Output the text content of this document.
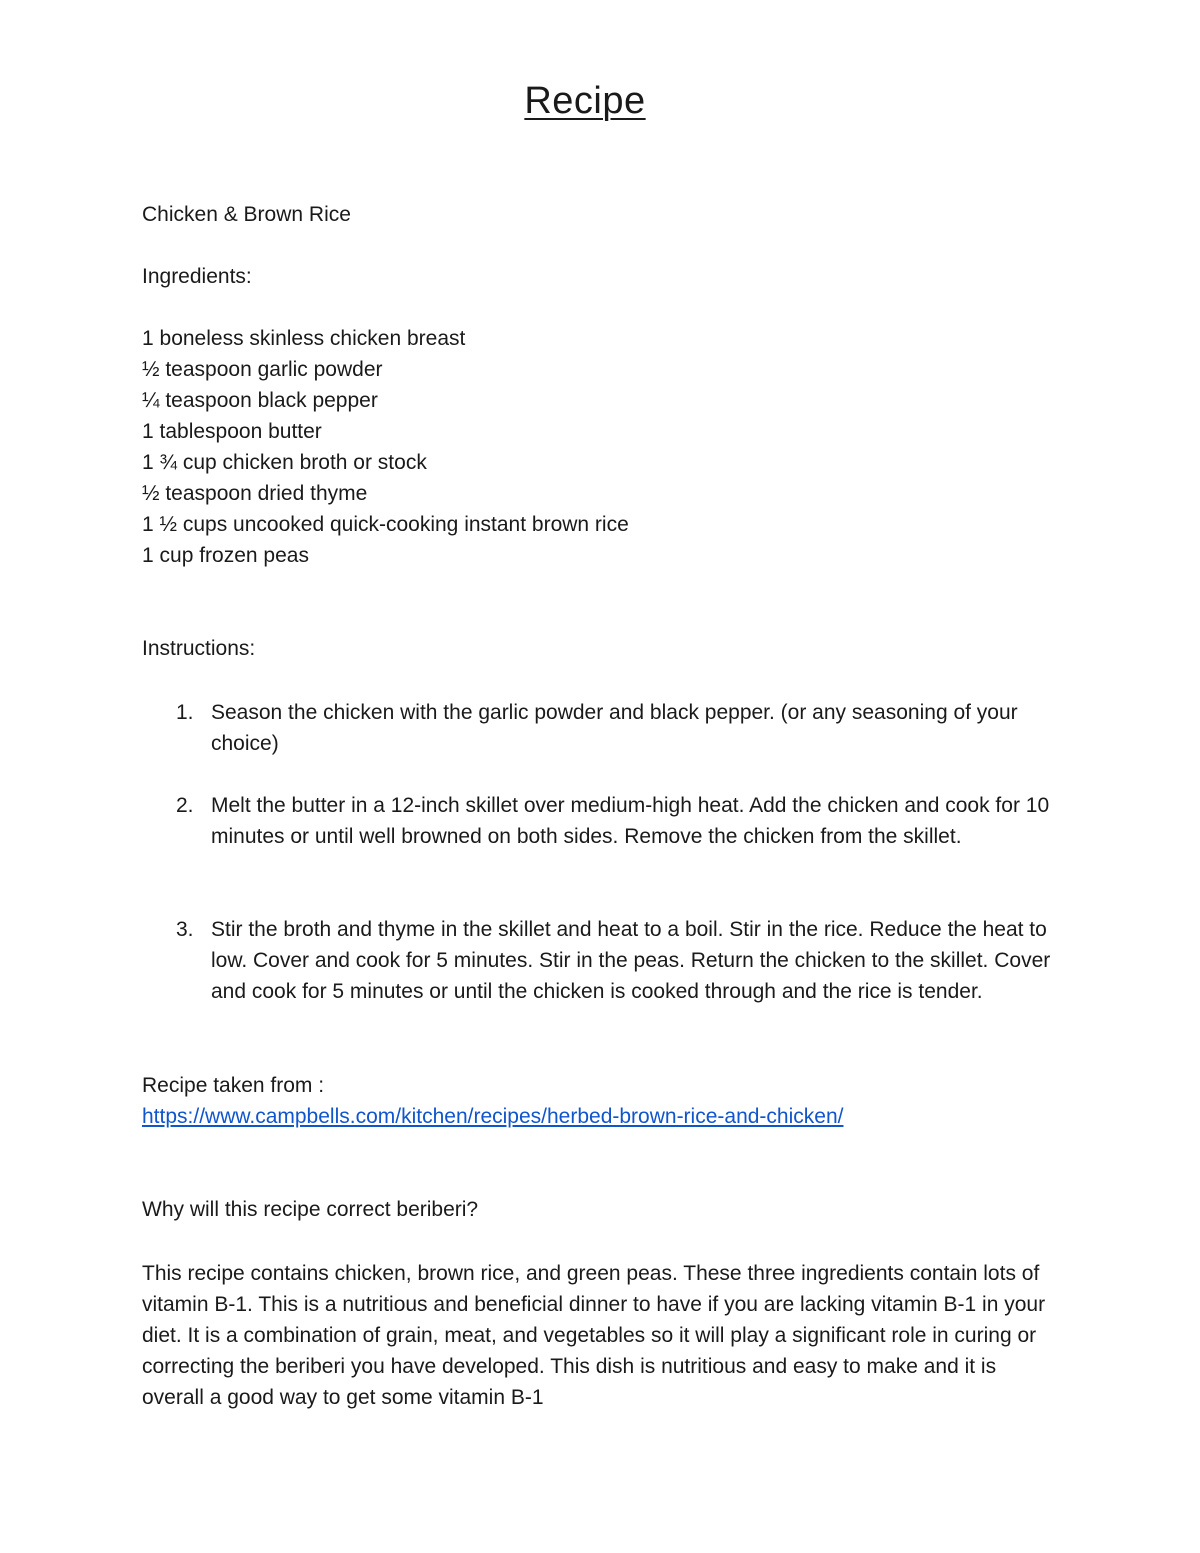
Recipe
Chicken & Brown Rice
Ingredients:
1 boneless skinless chicken breast
½ teaspoon garlic powder
¼ teaspoon black pepper
1 tablespoon butter
1 ¾ cup chicken broth or stock
½ teaspoon dried thyme
1 ½ cups uncooked quick-cooking instant brown rice
1 cup frozen peas
Instructions:
1. Season the chicken with the garlic powder and black pepper. (or any seasoning of your choice)
2. Melt the butter in a 12-inch skillet over medium-high heat. Add the chicken and cook for 10 minutes or until well browned on both sides. Remove the chicken from the skillet.
3. Stir the broth and thyme in the skillet and heat to a boil. Stir in the rice. Reduce the heat to low. Cover and cook for 5 minutes. Stir in the peas. Return the chicken to the skillet. Cover and cook for 5 minutes or until the chicken is cooked through and the rice is tender.
Recipe taken from :
https://www.campbells.com/kitchen/recipes/herbed-brown-rice-and-chicken/
Why will this recipe correct beriberi?
This recipe contains chicken, brown rice, and green peas. These three ingredients contain lots of vitamin B-1. This is a nutritious and beneficial dinner to have if you are lacking vitamin B-1 in your diet. It is a combination of grain, meat, and vegetables so it will play a significant role in curing or correcting the beriberi you have developed. This dish is nutritious and easy to make and it is overall a good way to get some vitamin B-1
